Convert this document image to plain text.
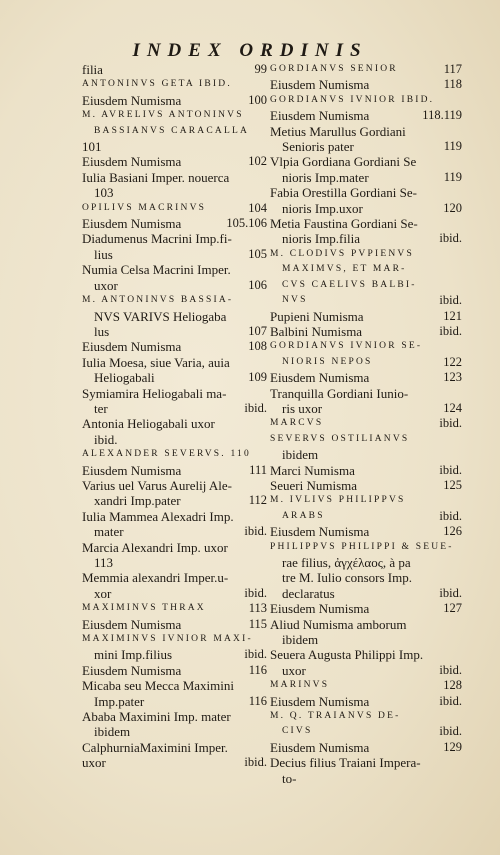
INDEX ORDINIS
filia	99
ANTONINVS GETA IBID.
Eiusdem Numisma	100
M. AVRELIVS ANTONINVS
BASSIANVS CARACALLA
101
Eiusdem Numisma	102
Iulia Basiani Imper. nouerca
103
OPILIVS MACRINVS	104
Eiusdem Numisma	105.106
Diadumenus Macrini Imp.fi-
lius	105
Numia Celsa Macrini Imper.
uxor	106
M. ANTONINVS BASSIA-
NVS VARIVS Heliogaba
lus	107
Eiusdem Numisma	108
Iulia Moesa, siue Varia, auia
Heliogabali	109
Symiamira Heliogabali ma-
ter	ibid.
Antonia Heliogabali uxor
ibid.
ALEXANDER SEVERVS. 110
Eiusdem Numisma	111
Varius uel Varus Aurelij Ale-
xandri Imp.pater	112
Iulia Mammea Alexadri Imp.
mater	ibid.
Marcia Alexandri Imp. uxor
113
Memmia alexandri Imper.u-
xor	ibid.
MAXIMINVS THRAX	113
Eiusdem Numisma	115
MAXIMINVS IVNIOR MAXI-
mini Imp.filius	ibid.
Eiusdem Numisma	116
Micaba seu Mecca Maximini
Imp.pater	116
Ababa Maximini Imp. mater
ibidem
CalphurniaMaximini Imper.
uxor	ibid.
GORDIANVS SENIOR	117
Eiusdem Numisma	118
GORDIANVS IVNIOR IBID.
Eiusdem Numisma	118.119
Metius Marullus Gordiani
Senioris pater	119
Vlpia Gordiana Gordiani Se
nioris Imp.mater	119
Fabia Orestilla Gordiani Se-
nioris Imp.uxor	120
Metia Faustina Gordiani Se-
nioris Imp.filia	ibid.
M. CLODIVS PVPIENVS
MAXIMVS, ET MAR-
CVS CAELIVS BALBI-
NVS	ibid.
Pupieni Numisma	121
Balbini Numisma	ibid.
GORDIANVS IVNIOR SE-
NIORIS NEPOS	122
Eiusdem Numisma	123
Tranquilla Gordiani Iunio-
ris uxor	124
MARCVS	ibid.
SEVERVS OSTILIANVS
ibidem
Marci Numisma	ibid.
Seueri Numisma	125
M. IVLIVS PHILIPPVS
ARABS	ibid.
Eiusdem Numisma	126
PHILIPPVS PHILIPPI & SEUE-
rae filius, ἀγχέλαος, à pa
tre M. Iulio consors Imp.
declaratus	ibid.
Eiusdem Numisma	127
Aliud Numisma amborum
ibidem
Seuera Augusta Philippi Imp.
uxor	ibid.
MARINVS	128
Eiusdem Numisma	ibid.
M. Q. TRAIANVS DE-
CIVS	ibid.
Eiusdem Numisma	129
Decius filius Traiani Impera-
to-
